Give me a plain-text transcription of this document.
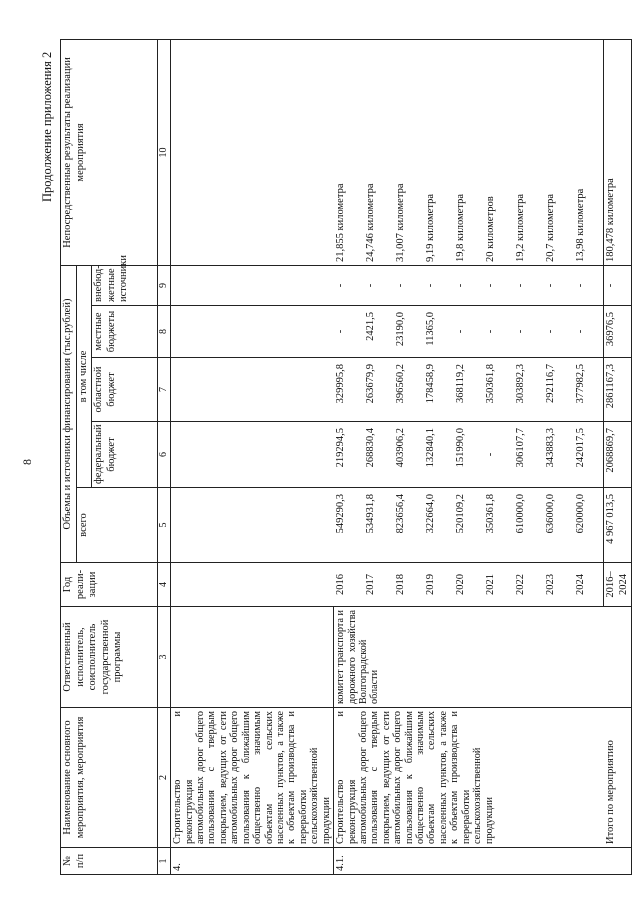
8
Продолжение приложения 2
№ п/п	Наименование основного мероприятия, мероприятия	Ответственный исполнитель, соисполнитель государственной программы	Год реали-зации	Объемы и источники финансирования (тыс.рублей)					Непосредственные результаты реализации мероприятия
				всего	в том числе				
					федеральный бюджет	областной бюджет	местные бюджеты	внебюд-жетные источники	
1	2	3	4	5	6	7	8	9	10
4.	Строительство и реконструкция автомобильных дорог общего пользования с твердым покрытием, ведущих от сети автомобильных дорог общего пользования к ближайшим общественно значимым объектам сельских населенных пунктов, а также к объектам производства и переработки сельскохозяйственной продукции								
4.1.	Строительство и реконструкция автомобильных дорог общего пользования с твердым покрытием, ведущих от сети автомобильных дорог общего пользования к ближайшим общественно значимым объектам сельских населенных пунктов, а также к объектам производства и переработки сельскохозяйственной продукции	комитет транспорта и дорожного хозяйства Волгоградской области	2016	549290,3	219294,5	329995,8	-	-	21,855 километра
			2017	534931,8	268830,4	263679,9	2421,5	-	24,746 километра
			2018	823656,4	403906,2	396560,2	23190,0	-	31,007 километра
			2019	322664,0	132840,1	178458,9	11365,0	-	9,19 километра
			2020	520109,2	151990,0	368119,2	-	-	19,8 километра
			2021	350361,8	-	350361,8	-	-	20 километров
			2022	610000,0	306107,7	303892,3	-	-	19,2 километра
			2023	636000,0	343883,3	292116,7	-	-	20,7 километра
			2024	620000,0	242017,5	377982,5	-	-	13,98 километра
	Итого по мероприятию		2016–2024	4 967 013,5	2068869,7	2861167,3	36976,5	-	180,478 километра
